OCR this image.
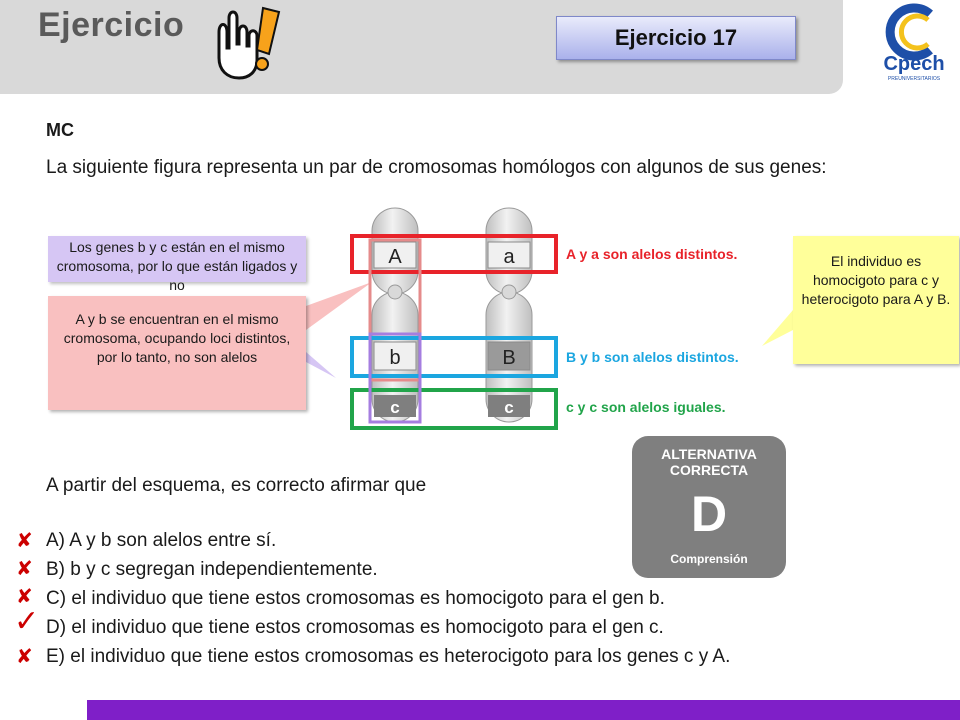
Ejercicio	Ejercicio 17
Cpech
PREUNIVERSITARIOS
MC
La siguiente figura representa un par de cromosomas homólogos con algunos de sus genes:
A
b
c
a
B
c
Los genes b y c están en el mismo cromosoma, por lo que están ligados y no
A y b se encuentran en el mismo cromosoma, ocupando loci distintos, por lo tanto, no son alelos
El individuo es homocigoto para c y heterocigoto para A y B.
A y a son alelos distintos.
B y b son alelos distintos.
c y c son alelos iguales.
ALTERNATIVA CORRECTA
D
Comprensión
A partir del esquema, es correcto afirmar que
✘
✘
✘
✓
✘
A) A y b son alelos entre sí.
B) b y c segregan independientemente.
C) el individuo que tiene estos cromosomas es homocigoto para el gen b.
D) el individuo que tiene estos cromosomas es homocigoto para el gen c.
E) el individuo que tiene estos cromosomas es heterocigoto para los genes c y A.
